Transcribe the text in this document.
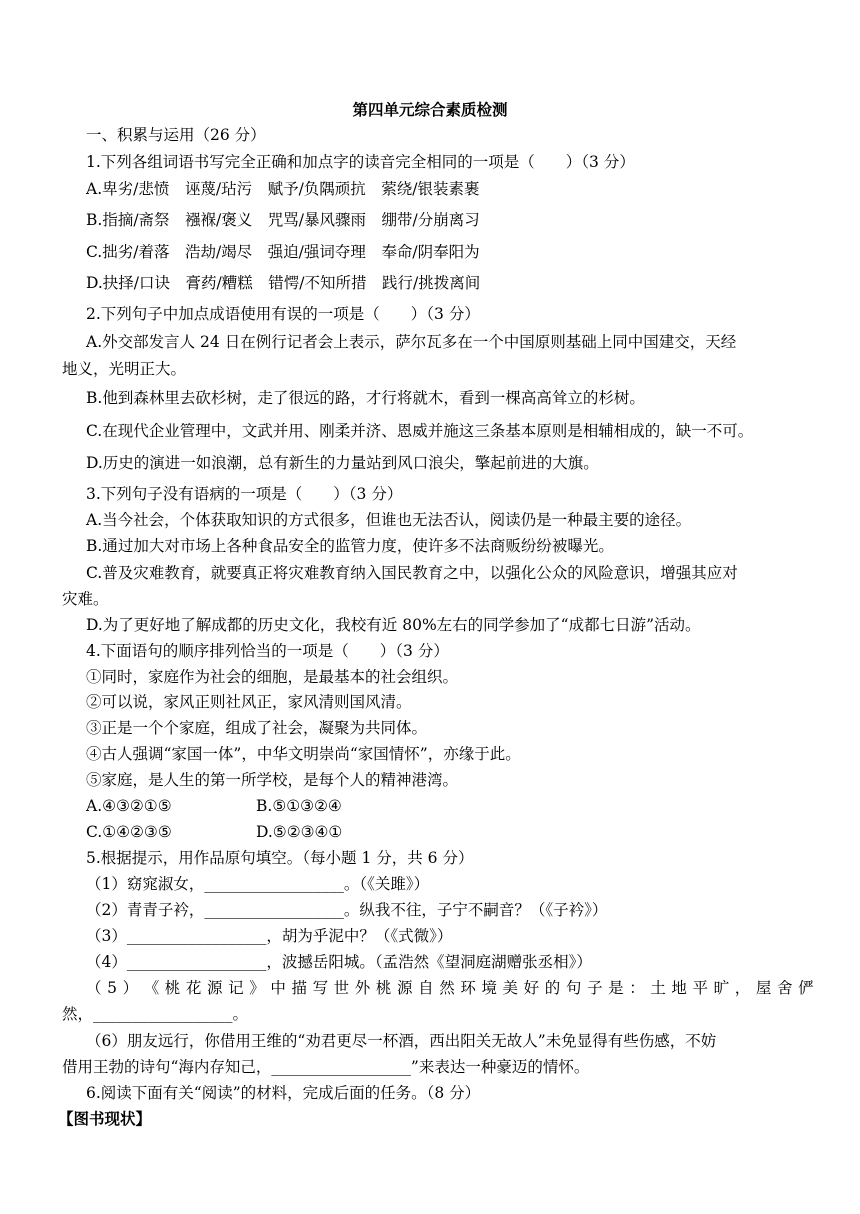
第四单元综合素质检测
一、积累与运用（26 分）
1.下列各组词语书写完全正确和加点字的读音完全相同的一项是（　　）（3 分）
A.卑劣/悲愤　诬蔑/玷污　赋予/负隅顽抗　萦绕/银装素裹
B.指摘/斋祭　襁褓/褒义　咒骂/暴风骤雨　绷带/分崩离习
C.拙劣/着落　浩劫/竭尽　强迫/强词夺理　奉命/阴奉阳为
D.抉择/口诀　膏药/糟糕　错愕/不知所措　践行/挑拨离间
2.下列句子中加点成语使用有误的一项是（　　）（3 分）
A.外交部发言人 24 日在例行记者会上表示，萨尔瓦多在一个中国原则基础上同中国建交，天经
地义，光明正大。
B.他到森林里去砍杉树，走了很远的路，才行将就木，看到一棵高高耸立的杉树。
C.在现代企业管理中，文武并用、刚柔并济、恩威并施这三条基本原则是相辅相成的，缺一不可。
D.历史的演进一如浪潮，总有新生的力量站到风口浪尖，擎起前进的大旗。
3.下列句子没有语病的一项是（　　）（3 分）
A.当今社会，个体获取知识的方式很多，但谁也无法否认，阅读仍是一种最主要的途径。
B.通过加大对市场上各种食品安全的监管力度，使许多不法商贩纷纷被曝光。
C.普及灾难教育，就要真正将灾难教育纳入国民教育之中，以强化公众的风险意识，增强其应对
灾难。
D.为了更好地了解成都的历史文化，我校有近 80%左右的同学参加了“成都七日游”活动。
4.下面语句的顺序排列恰当的一项是（　　）（3 分）
①同时，家庭作为社会的细胞，是最基本的社会组织。
②可以说，家风正则社风正，家风清则国风清。
③正是一个个家庭，组成了社会，凝聚为共同体。
④古人强调“家国一体”，中华文明崇尚“家国情怀”，亦缘于此。
⑤家庭，是人生的第一所学校，是每个人的精神港湾。
A.④③②①⑤	B.⑤①③②④
C.①④②③⑤	D.⑤②③④①
5.根据提示，用作品原句填空。（每小题 1 分，共 6 分）
（1）窈窕淑女，__________________。（《关雎》）
（2）青青子衿，__________________。纵我不往，子宁不嗣音？（《子衿》）
（3）__________________，胡为乎泥中？（《式微》）
（4）__________________，波撼岳阳城。（孟浩然《望洞庭湖赠张丞相》）
（ 5 ） 《 桃 花 源 记 》 中 描 写 世 外 桃 源 自 然 环 境 美 好 的 句 子 是 ： 土 地 平 旷 ， 屋 舍 俨
然，__________________。
（6）朋友远行，你借用王维的“劝君更尽一杯酒，西出阳关无故人”未免显得有些伤感，不妨
借用王勃的诗句“海内存知己，__________________”来表达一种豪迈的情怀。
6.阅读下面有关“阅读”的材料，完成后面的任务。（8 分）
【图书现状】
